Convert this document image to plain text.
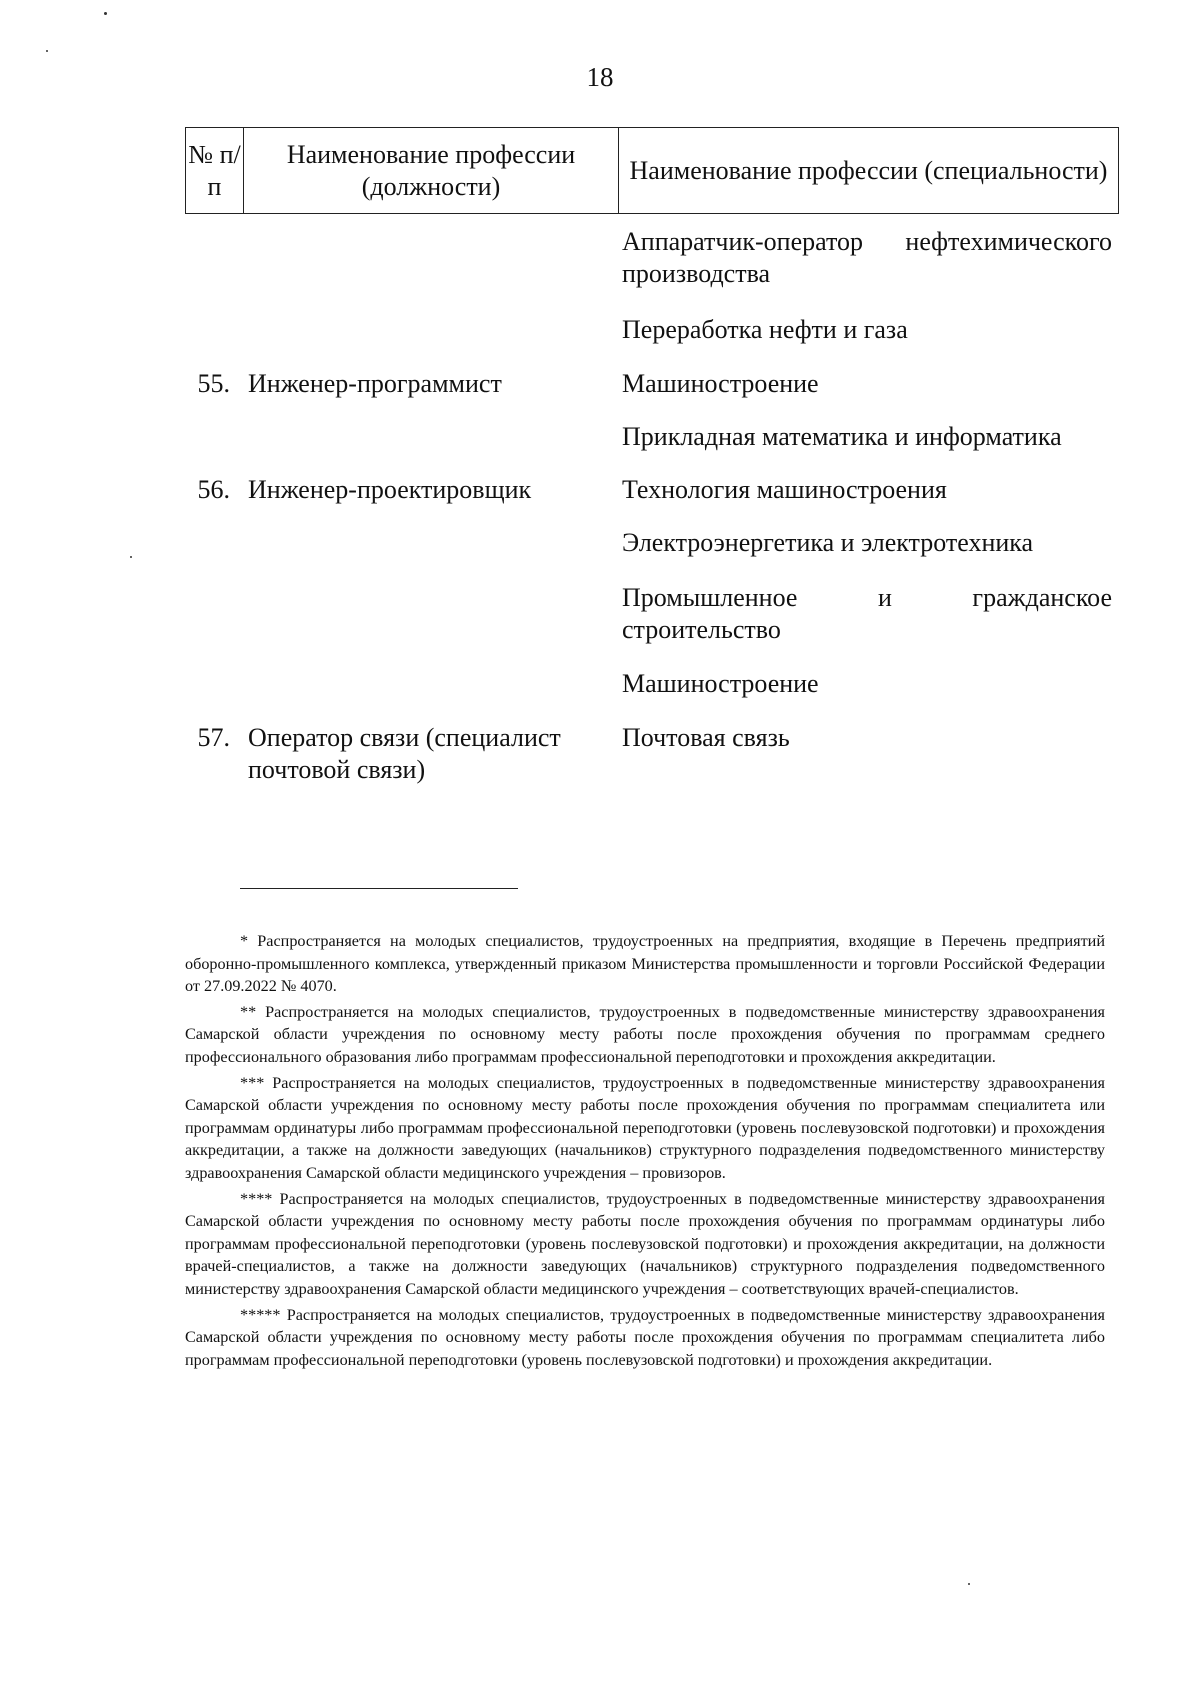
18
№ п/п
Наименование профессии (должности)
Наименование профессии (специальности)
Аппаратчик-оператор нефтехимического производства
Переработка нефти и газа
55. Инженер-программист	Машиностроение
Прикладная математика и информатика
56. Инженер-проектировщик	Технология машиностроения
Электроэнергетика и электротехника
Промышленное и гражданское строительство
Машиностроение
57. Оператор связи (специалист почтовой связи)
Почтовая связь

* Распространяется на молодых специалистов, трудоустроенных на предприятия, входящие в Перечень предприятий оборонно-промышленного комплекса, утвержденный приказом Министерства промышленности и торговли Российской Федерации от 27.09.2022 № 4070.

** Распространяется на молодых специалистов, трудоустроенных в подведомственные министерству здравоохранения Самарской области учреждения по основному месту работы после прохождения обучения по программам среднего профессионального образования либо программам профессиональной переподготовки и прохождения аккредитации.

*** Распространяется на молодых специалистов, трудоустроенных в подведомственные министерству здравоохранения Самарской области учреждения по основному месту работы после прохождения обучения по программам специалитета или программам ординатуры либо программам профессиональной переподготовки (уровень послевузовской подготовки) и прохождения аккредитации, а также на должности заведующих (начальников) структурного подразделения подведомственного министерству здравоохранения Самарской области медицинского учреждения – провизоров.

**** Распространяется на молодых специалистов, трудоустроенных в подведомственные министерству здравоохранения Самарской области учреждения по основному месту работы после прохождения обучения по программам ординатуры либо программам профессиональной переподготовки (уровень послевузовской подготовки) и прохождения аккредитации, на должности врачей-специалистов, а также на должности заведующих (начальников) структурного подразделения подведомственного министерству здравоохранения Самарской области медицинского учреждения – соответствующих врачей-специалистов.

***** Распространяется на молодых специалистов, трудоустроенных в подведомственные министерству здравоохранения Самарской области учреждения по основному месту работы после прохождения обучения по программам специалитета либо программам профессиональной переподготовки (уровень послевузовской подготовки) и прохождения аккредитации.
